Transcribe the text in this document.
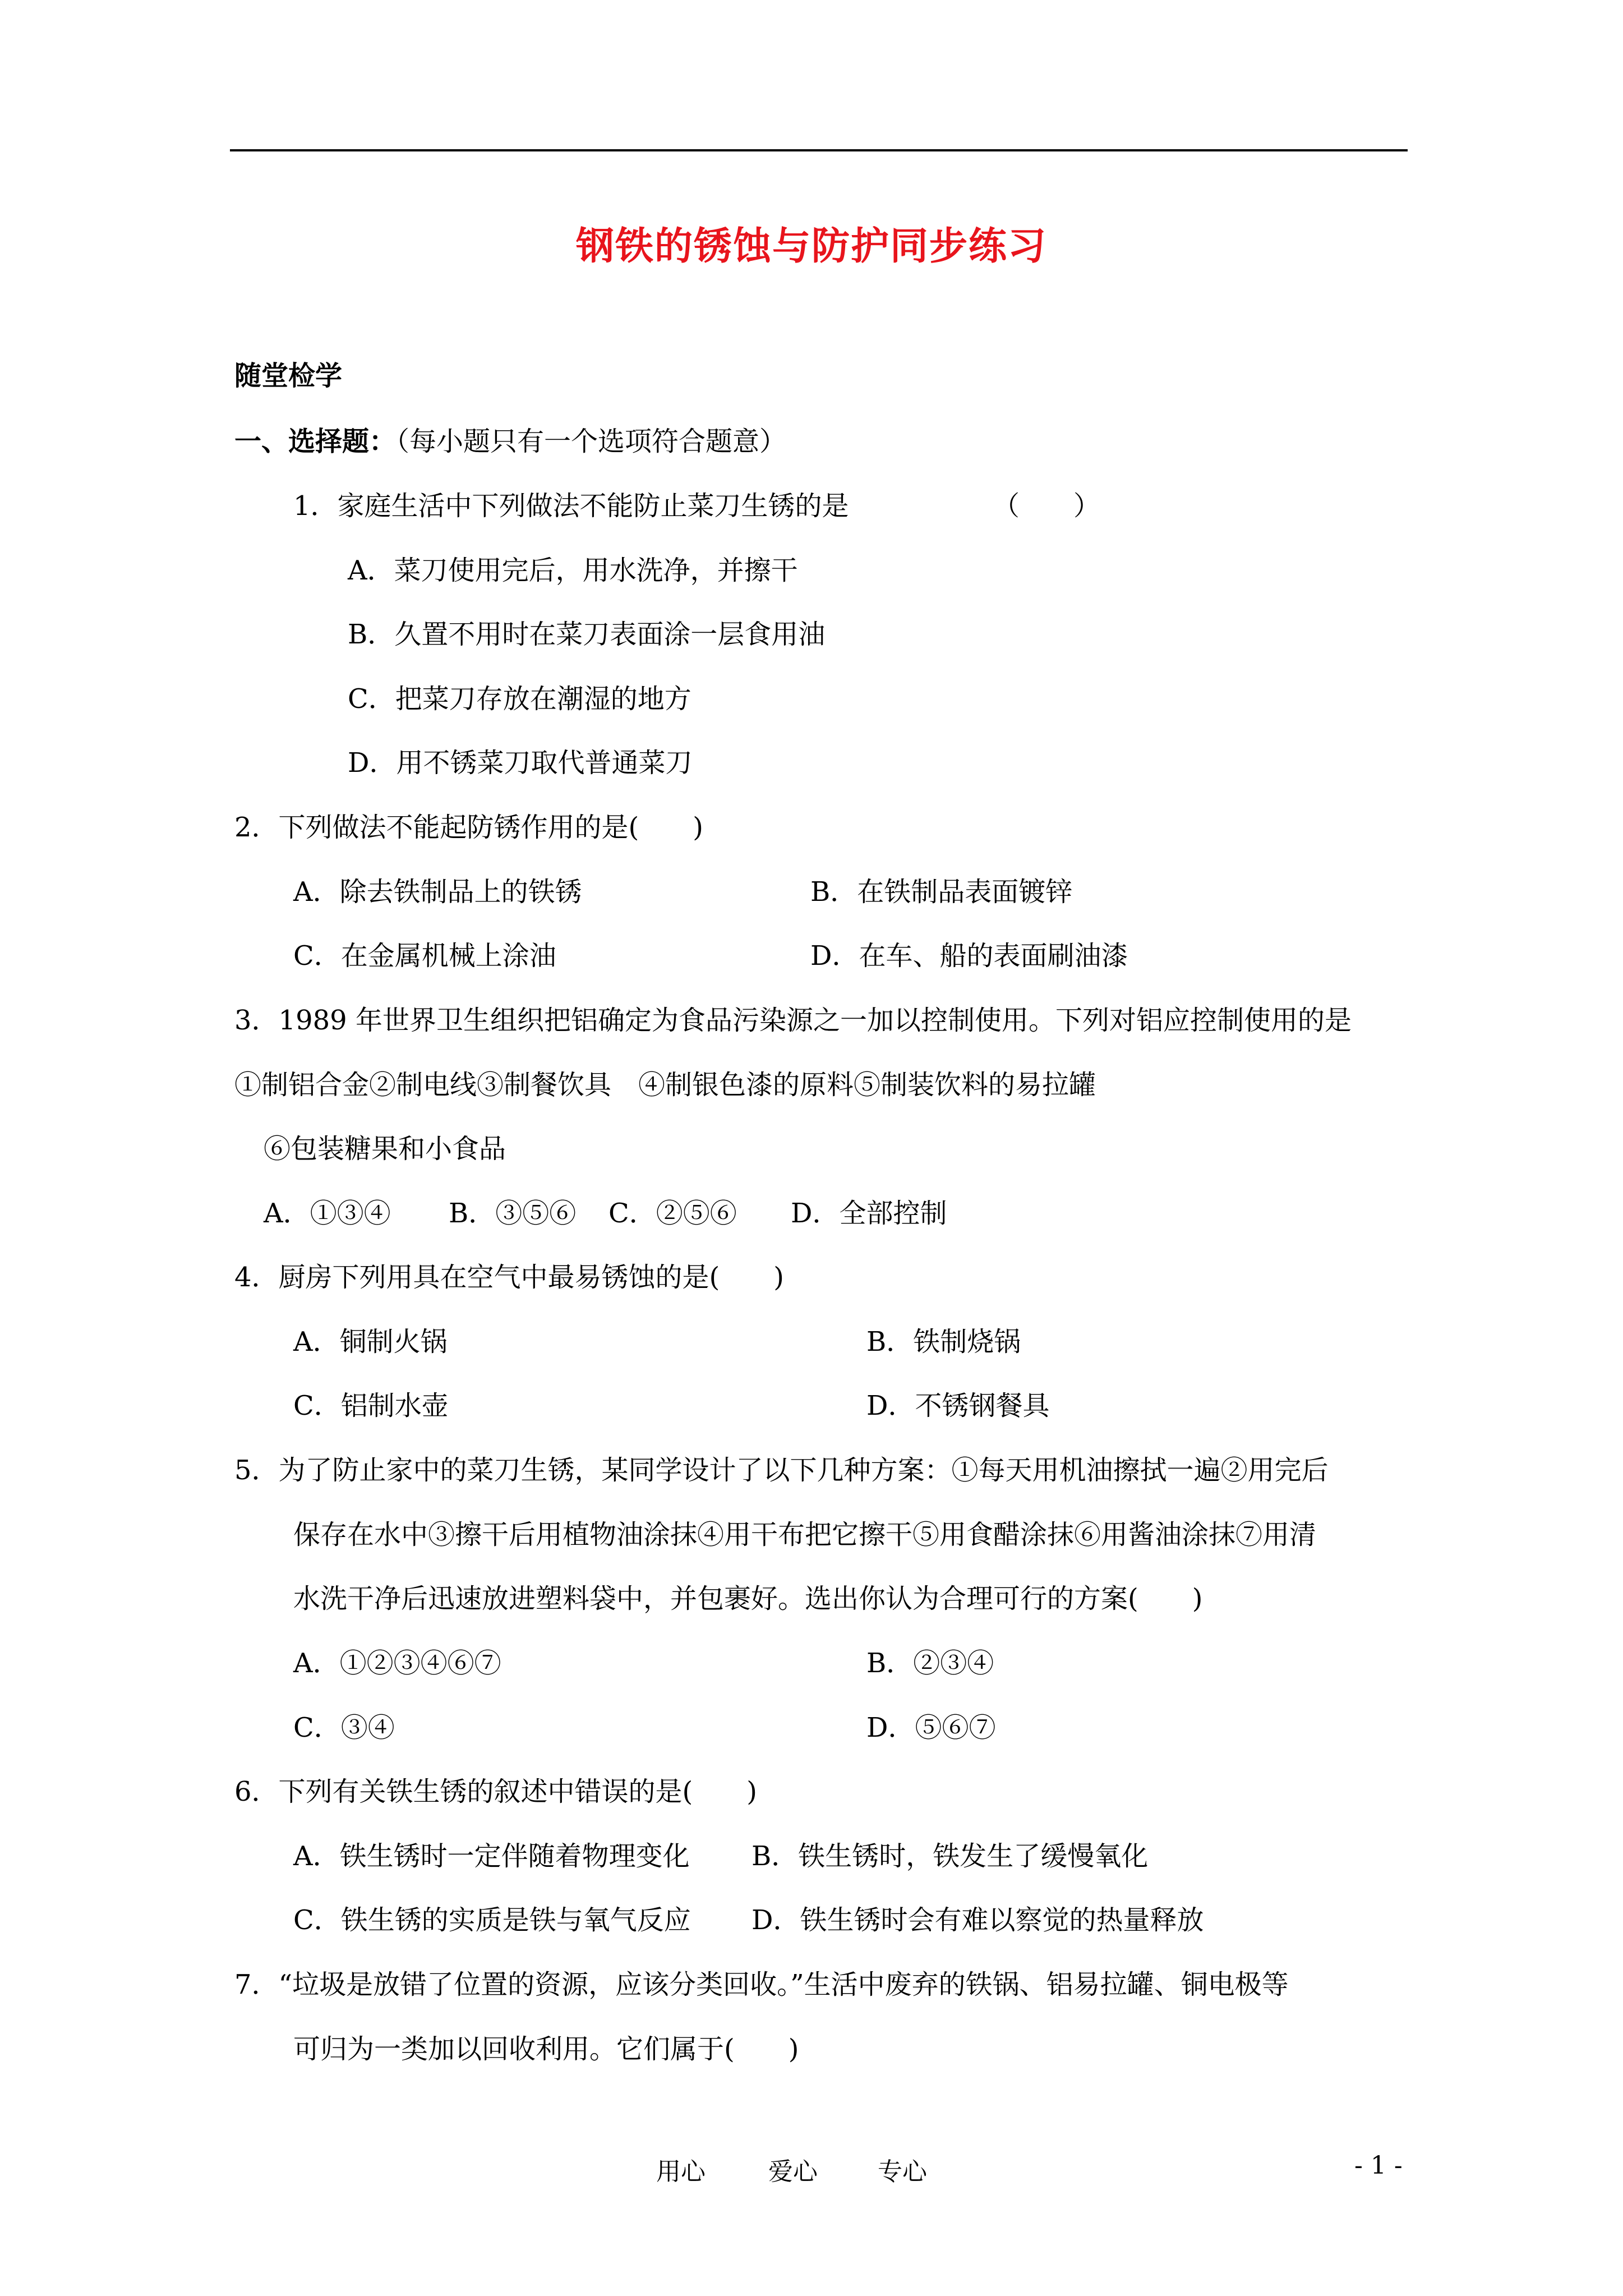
钢铁的锈蚀与防护同步练习
随堂检学
一、选择题：（每小题只有一个选项符合题意）
1．家庭生活中下列做法不能防止菜刀生锈的是	（　　）
A．菜刀使用完后，用水洗净，并擦干
B．久置不用时在菜刀表面涂一层食用油
C．把菜刀存放在潮湿的地方
D．用不锈菜刀取代普通菜刀
2．下列做法不能起防锈作用的是(　　)
A．除去铁制品上的铁锈	B．在铁制品表面镀锌
C．在金属机械上涂油	D．在车、船的表面刷油漆
3．1989 年世界卫生组织把铝确定为食品污染源之一加以控制使用。下列对铝应控制使用的是
①制铝合金②制电线③制餐饮具　④制银色漆的原料⑤制装饮料的易拉罐
⑥包装糖果和小食品
A．①③④ B．③⑤⑥ C．②⑤⑥ D．全部控制
4．厨房下列用具在空气中最易锈蚀的是(　　)
A．铜制火锅	B．铁制烧锅
C．铝制水壶	D．不锈钢餐具
5．为了防止家中的菜刀生锈，某同学设计了以下几种方案：①每天用机油擦拭一遍②用完后
保存在水中③擦干后用植物油涂抹④用干布把它擦干⑤用食醋涂抹⑥用酱油涂抹⑦用清
水洗干净后迅速放进塑料袋中，并包裹好。选出你认为合理可行的方案(　　)
A．①②③④⑥⑦	B．②③④
C．③④	D．⑤⑥⑦
6．下列有关铁生锈的叙述中错误的是(　　)
A．铁生锈时一定伴随着物理变化 B．铁生锈时，铁发生了缓慢氧化
C．铁生锈的实质是铁与氧气反应 D．铁生锈时会有难以察觉的热量释放
7．“垃圾是放错了位置的资源，应该分类回收。”生活中废弃的铁锅、铝易拉罐、铜电极等
可归为一类加以回收利用。它们属于(　　)
用心	爱心 专心	- 1 -
